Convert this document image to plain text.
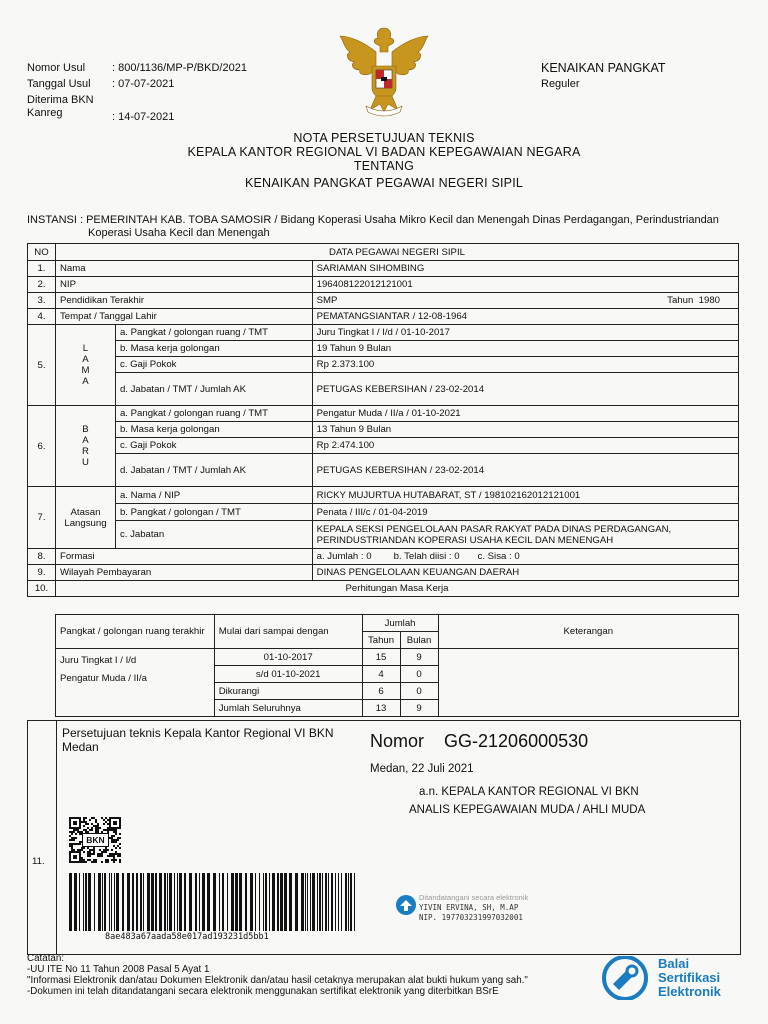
Nomor Usul	: 800/1136/MP-P/BKD/2021
Tanggal Usul	: 07-07-2021
Diterima BKN
Kanreg	: 14-07-2021
KENAIKAN PANGKAT
Reguler
NOTA PERSETUJUAN TEKNIS
KEPALA KANTOR REGIONAL VI BADAN KEPEGAWAIAN NEGARA
TENTANG
KENAIKAN PANGKAT PEGAWAI NEGERI SIPIL
INSTANSI : PEMERINTAH KAB. TOBA SAMOSIR / Bidang Koperasi Usaha Mikro Kecil dan Menengah Dinas Perdagangan, Perindustriandan
Koperasi Usaha Kecil dan Menengah
NO	DATA PEGAWAI NEGERI SIPIL		
1.	Nama		SARIAMAN SIHOMBING
2.	NIP		196408122012121001
3.	Pendidikan Terakhir		SMP Tahun 1980

4.	Tempat / Tanggal Lahir		PEMATANGSIANTAR / 12-08-1964
5.	L
A
M
A	a. Pangkat / golongan ruang / TMT	Juru Tingkat I / I/d / 01-10-2017
		b. Masa kerja golongan	19 Tahun 9 Bulan
		c. Gaji Pokok	Rp 2.373.100
		d. Jabatan / TMT / Jumlah AK	PETUGAS KEBERSIHAN / 23-02-2014
6.	B
A
R
U	a. Pangkat / golongan ruang / TMT	Pengatur Muda / II/a / 01-10-2021
		b. Masa kerja golongan	13 Tahun 9 Bulan
		c. Gaji Pokok	Rp 2.474.100
		d. Jabatan / TMT / Jumlah AK	PETUGAS KEBERSIHAN / 23-02-2014
7.	Atasan
Langsung	a. Nama / NIP	RICKY MUJURTUA HUTABARAT, ST / 198102162012121001
		b. Pangkat / golongan / TMT	Penata / III/c / 01-04-2019
		c. Jabatan	KEPALA SEKSI PENGELOLAAN PASAR RAKYAT PADA DINAS PERDAGANGAN,
PERINDUSTRIANDAN KOPERASI USAHA KECIL DAN MENENGAH
8.	Formasi		a. Jumlah : 0 b. Telah diisi : 0 c. Sisa : 0
9.	Wilayah Pembayaran		DINAS PENGELOLAAN KEUANGAN DAERAH
10.	Perhitungan Masa Kerja		
Pangkat / golongan ruang terakhir	Mulai dari sampai dengan	Jumlah		Keterangan
		Tahun	Bulan	
Juru Tingkat I / I/d
Pengatur Muda / II/a	01-10-2017	15	9	
	s/d 01-10-2021	4	0	
	Dikurangi	6	0	
	Jumlah Seluruhnya	13	9	
11.
Persetujuan teknis Kepala Kantor Regional VI BKN
Medan	Nomor GG-21206000530
Medan, 22 Juli 2021
a.n. KEPALA KANTOR REGIONAL VI BKN
ANALIS KEPEGAWAIAN MUDA / AHLI MUDA
BKN
8ae483a67aada58e017ad193231d5bb1
Ditandatangani secara elektronik
YIVIN ERVINA, SH, M.AP
NIP. 197703231997032001
Catatan:
-UU ITE No 11 Tahun 2008 Pasal 5 Ayat 1
"Informasi Elektronik dan/atau Dokumen Elektronik dan/atau hasil cetaknya merupakan alat bukti hukum yang sah."
-Dokumen ini telah ditandatangani secara elektronik menggunakan sertifikat elektronik yang diterbitkan BSrE
Balai
Sertifikasi
Elektronik
